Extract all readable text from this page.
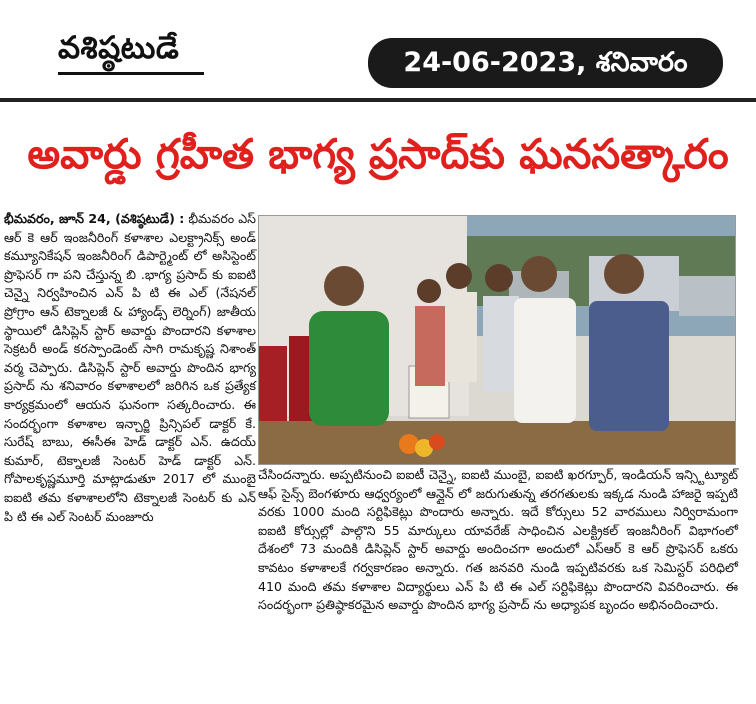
వశిష్ఠటుడే	24-06-2023, శనివారం
అవార్డు గ్రహీత భాగ్య ప్రసాద్‌కు ఘనసత్కారం

భీమవరం, జూన్ 24, (వశిష్ఠటుడే) : భీమవరం ఎస్ ఆర్ కె ఆర్ ఇంజనీరింగ్ కళాశాల ఎలక్ట్రానిక్స్ అండ్ కమ్యూనికేషన్ ఇంజనీరింగ్ డిపార్ట్మెంట్ లో అసిస్టెంట్ ప్రొఫెసర్ గా పని చేస్తున్న బి .భాగ్య ప్రసాద్ కు ఐఐటి చెన్నై నిర్వహించిన ఎన్ పి టి ఈ ఎల్ (నేషనల్ ప్రోగ్రాం ఆన్ టెక్నాలజీ & హ్యాండ్స్ లెర్నింగ్) జాతీయ స్థాయిలో డిసిప్లెన్ స్టార్ అవార్డు పొందారని కళాశాల సెక్రటరీ అండ్ కరస్పాండెంట్ సాగి రామకృష్ణ నిశాంత్ వర్మ చెప్పారు. డిసిప్లెన్ స్టార్ అవార్డు పొందిన భాగ్య ప్రసాద్ ను శనివారం కళాశాలలో జరిగిన ఒక ప్రత్యేక కార్యక్రమంలో ఆయన ఘనంగా సత్కరించారు. ఈ సందర్భంగా కళాశాల ఇన్చార్జి ప్రిన్సిపల్ డాక్టర్ కే. సురేష్ బాబు, ఈసీఈ హెడ్ డాక్టర్ ఎన్. ఉదయ్ కుమార్, టెక్నాలజీ సెంటర్ హెడ్ డాక్టర్ ఎన్. గోపాలకృష్ణమూర్తి మాట్లాడుతూ 2017 లో ముంబై ఐఐటి తమ కళాశాలలోని టెక్నాలజీ సెంటర్ కు ఎన్ పి టి ఈ ఎల్ సెంటర్ మంజూరు

చేసిందన్నారు. అప్పటినుంచి ఐఐటీ చెన్నై, ఐఐటి ముంబై, ఐఐటి ఖరగ్పూర్, ఇండియన్ ఇన్స్టిట్యూట్ ఆఫ్ సైన్స్ బెంగళూరు ఆధ్వర్యంలో ఆన్లైన్ లో జరుగుతున్న తరగతులకు ఇక్కడ నుండి హాజరై ఇప్పటి వరకు 1000 మంది సర్టిఫికెట్లు పొందారు అన్నారు. ఇదే కోర్సులు 52 వారములు నిర్విరామంగా ఐఐటి కోర్సుల్లో పాల్గొని 55 మార్కులు యావరేజ్ సాధించిన ఎలక్ట్రికల్ ఇంజనీరింగ్ విభాగంలో దేశంలో 73 మందికి డిసిప్లెన్ స్టార్ అవార్డు అందించగా అందులో ఎస్ఆర్ కె ఆర్ ప్రొఫెసర్ ఒకరు కావటం కళాశాలకే గర్వకారణం అన్నారు. గత జనవరి నుండి ఇప్పటివరకు ఒక సెమిస్టర్ పరిధిలో 410 మంది తమ కళాశాల విద్యార్థులు ఎన్ పి టి ఈ ఎల్ సర్టిఫికెట్లు పొందారని వివరించారు. ఈ సందర్భంగా ప్రతిష్ఠాకరమైన అవార్డు పొందిన భాగ్య ప్రసాద్ ను అధ్యాపక బృందం అభినందించారు.
